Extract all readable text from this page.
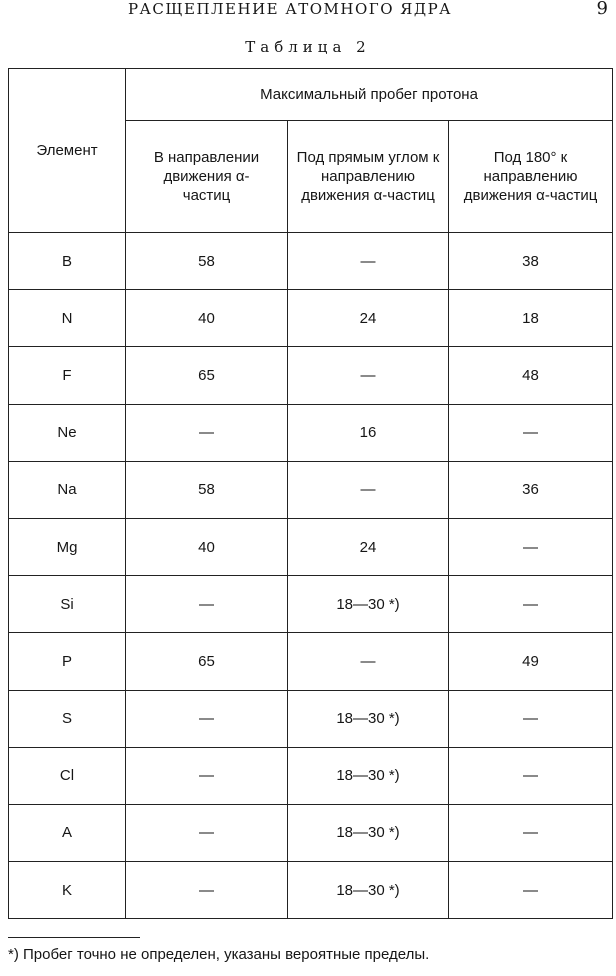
РАСЩЕПЛЕНИЕ АТОМНОГО ЯДРА	9
Таблица 2
Элемент	Максимальный пробег протона		

	В направлении движения α-частиц	Под прямым углом к направлению движения α-частиц	Под 180° к направлению движения α-частиц

B	58	—	38
N	40	24	18
F	65	—	48
Ne	—	16	—
Na	58	—	36
Mg	40	24	—
Si	—	18—30 *)	—
P	65	—	49
S	—	18—30 *)	—
Cl	—	18—30 *)	—
A	—	18—30 *)	—
K	—	18—30 *)	—
*) Пробег точно не определен, указаны вероятные пределы.
